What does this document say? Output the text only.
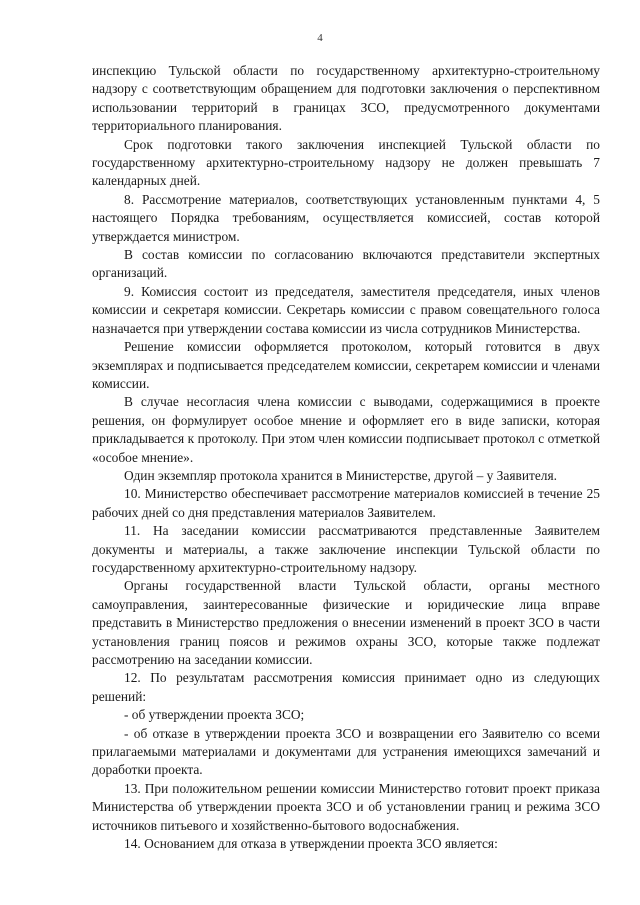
4

инспекцию Тульской области по государственному архитектурно-строительному надзору с соответствующим обращением для подготовки заключения о перспективном использовании территорий в границах ЗСО, предусмотренного документами территориального планирования.

Срок подготовки такого заключения инспекцией Тульской области по государственному архитектурно-строительному надзору не должен превышать 7 календарных дней.

8. Рассмотрение материалов, соответствующих установленным пунктами 4, 5 настоящего Порядка требованиям, осуществляется комиссией, состав которой утверждается министром.

В состав комиссии по согласованию включаются представители экспертных организаций.

9. Комиссия состоит из председателя, заместителя председателя, иных членов комиссии и секретаря комиссии. Секретарь комиссии с правом совещательного голоса назначается при утверждении состава комиссии из числа сотрудников Министерства.

Решение комиссии оформляется протоколом, который готовится в двух экземплярах и подписывается председателем комиссии, секретарем комиссии и членами комиссии.

В случае несогласия члена комиссии с выводами, содержащимися в проекте решения, он формулирует особое мнение и оформляет его в виде записки, которая прикладывается к протоколу. При этом член комиссии подписывает протокол с отметкой «особое мнение».

Один экземпляр протокола хранится в Министерстве, другой – у Заявителя.

10. Министерство обеспечивает рассмотрение материалов комиссией в течение 25 рабочих дней со дня представления материалов Заявителем.

11. На заседании комиссии рассматриваются представленные Заявителем документы и материалы, а также заключение инспекции Тульской области по государственному архитектурно-строительному надзору.

Органы государственной власти Тульской области, органы местного самоуправления, заинтересованные физические и юридические лица вправе представить в Министерство предложения о внесении изменений в проект ЗСО в части установления границ поясов и режимов охраны ЗСО, которые также подлежат рассмотрению на заседании комиссии.

12. По результатам рассмотрения комиссия принимает одно из следующих решений:

- об утверждении проекта ЗСО;

- об отказе в утверждении проекта ЗСО и возвращении его Заявителю со всеми прилагаемыми материалами и документами для устранения имеющихся замечаний и доработки проекта.

13. При положительном решении комиссии Министерство готовит проект приказа Министерства об утверждении проекта ЗСО и об установлении границ и режима ЗСО источников питьевого и хозяйственно-бытового водоснабжения.

14. Основанием для отказа в утверждении проекта ЗСО является:
